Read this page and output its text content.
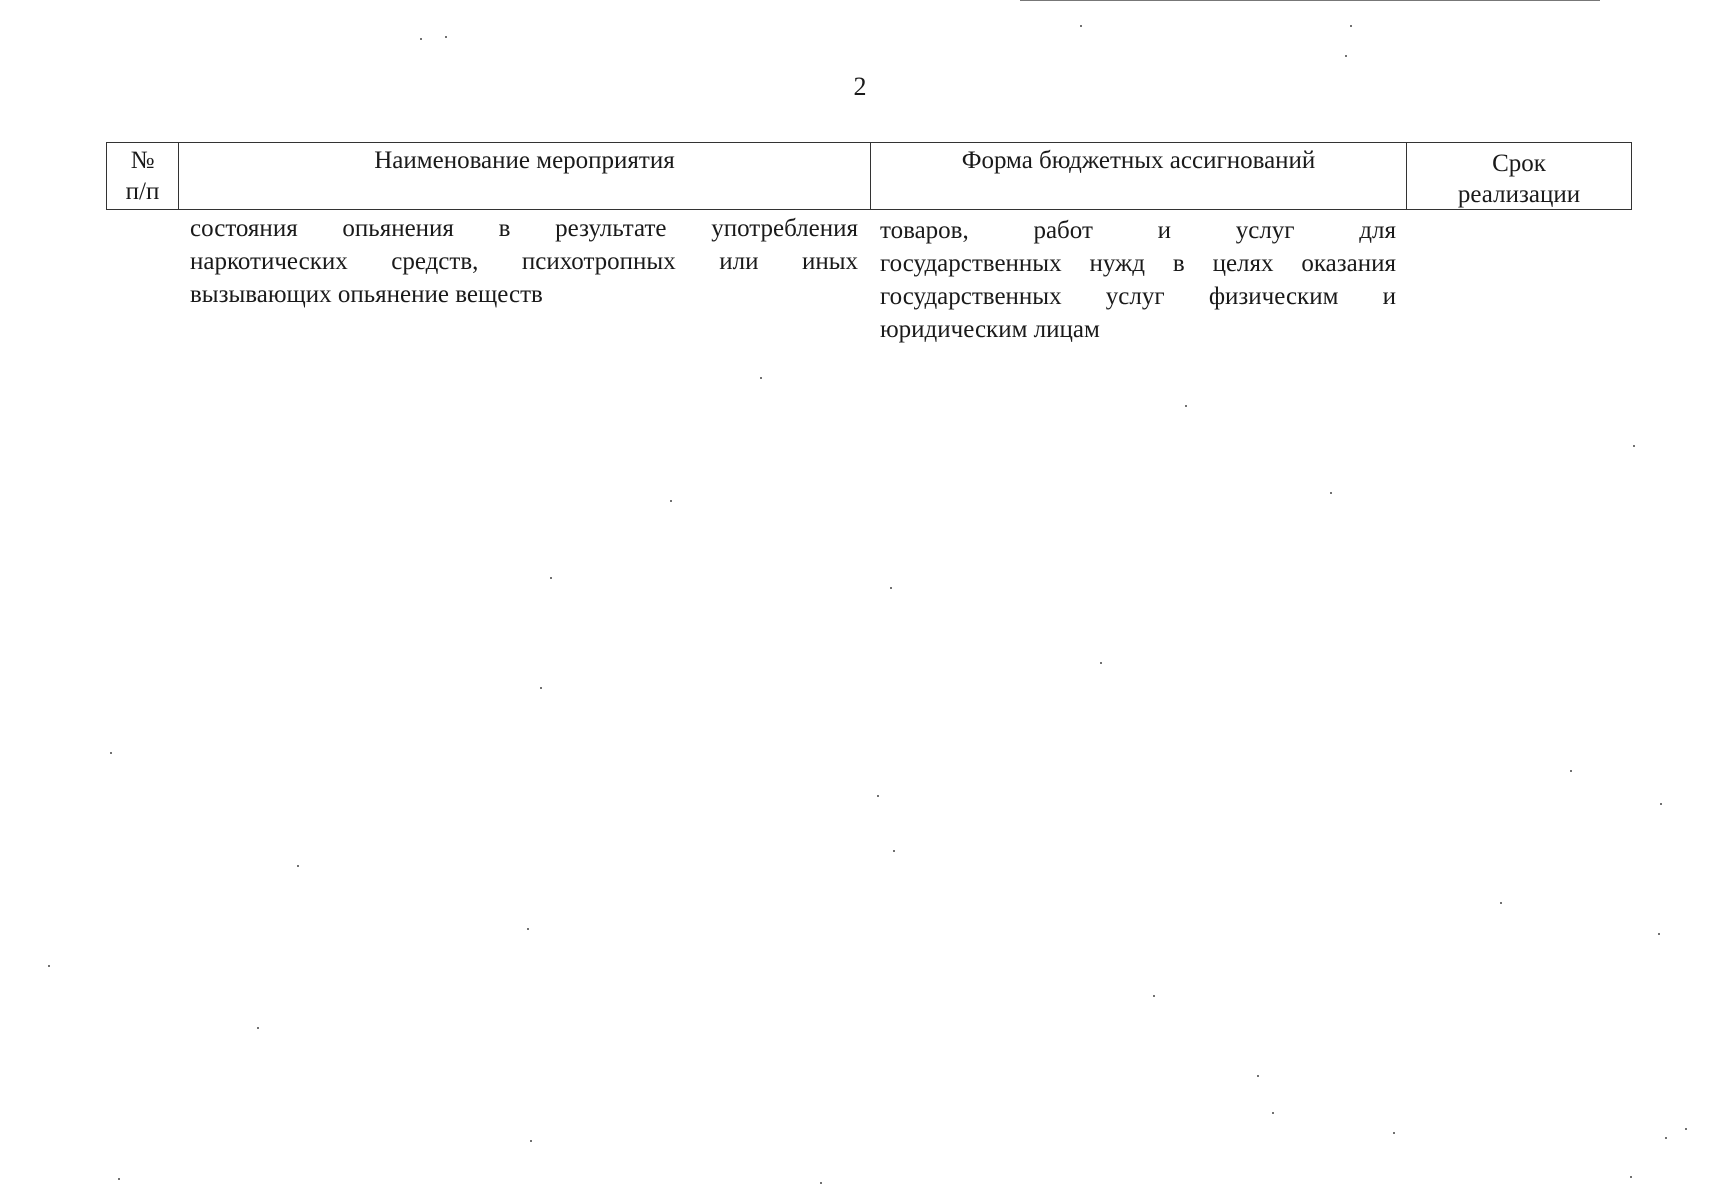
2
№
п/п
Наименование мероприятия	Форма бюджетных ассигнований	Срок
реализации
состояния опьянения в результате употребления
наркотических средств, психотропных или иных
вызывающих опьянение веществ
товаров, работ и услуг для
государственных нужд в целях оказания
государственных услуг физическим и
юридическим лицам
